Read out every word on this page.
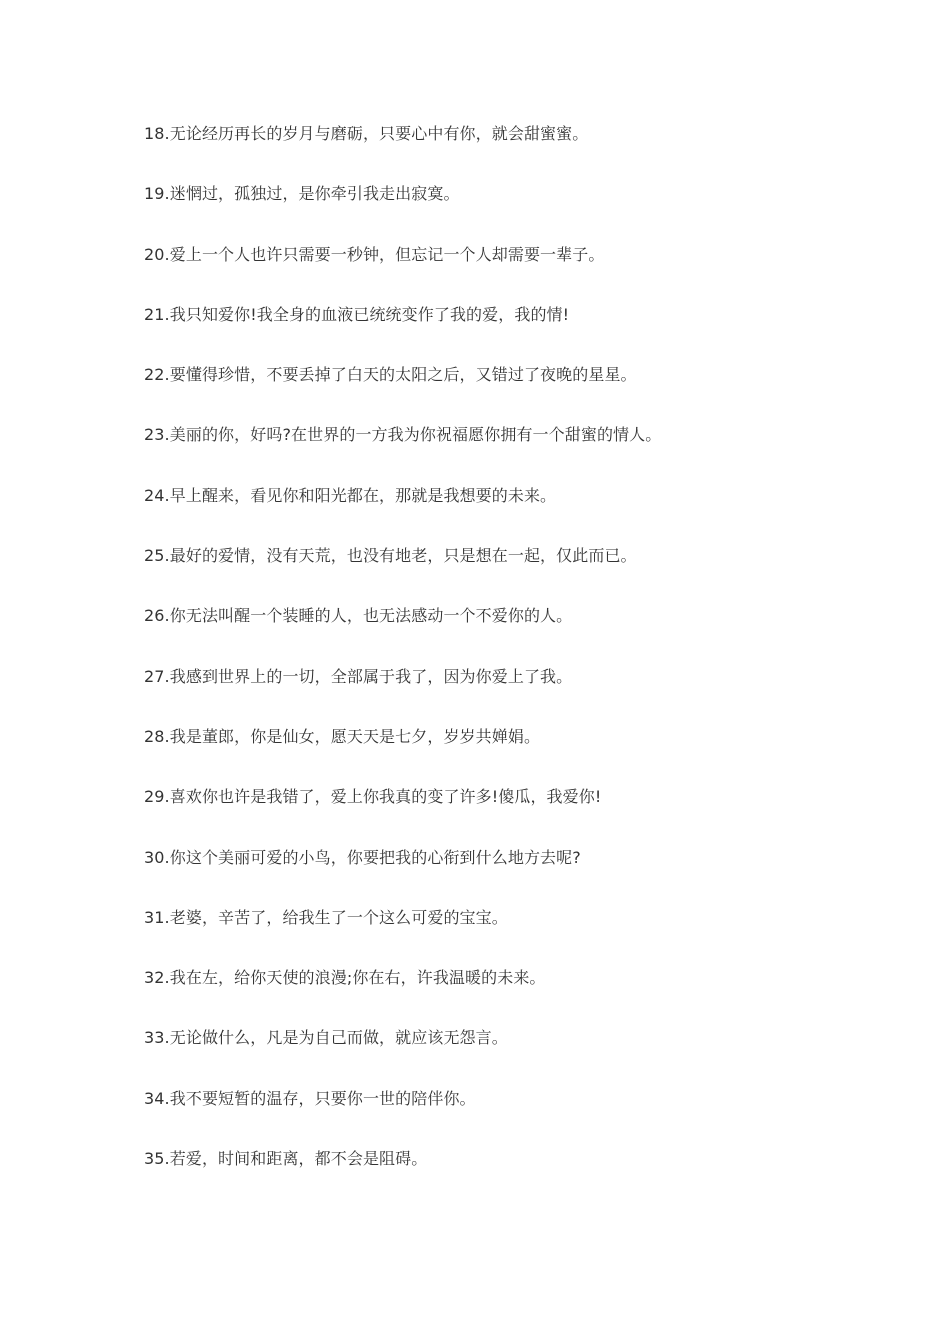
18.无论经历再长的岁月与磨砺，只要心中有你，就会甜蜜蜜。
19.迷惘过，孤独过，是你牵引我走出寂寞。
20.爱上一个人也许只需要一秒钟，但忘记一个人却需要一辈子。
21.我只知爱你!我全身的血液已统统变作了我的爱，我的情!
22.要懂得珍惜，不要丢掉了白天的太阳之后，又错过了夜晚的星星。
23.美丽的你，好吗?在世界的一方我为你祝福愿你拥有一个甜蜜的情人。
24.早上醒来，看见你和阳光都在，那就是我想要的未来。
25.最好的爱情，没有天荒，也没有地老，只是想在一起，仅此而已。
26.你无法叫醒一个装睡的人，也无法感动一个不爱你的人。
27.我感到世界上的一切，全部属于我了，因为你爱上了我。
28.我是董郎，你是仙女，愿天天是七夕，岁岁共婵娟。
29.喜欢你也许是我错了，爱上你我真的变了许多!傻瓜，我爱你!
30.你这个美丽可爱的小鸟，你要把我的心衔到什么地方去呢?
31.老婆，辛苦了，给我生了一个这么可爱的宝宝。
32.我在左，给你天使的浪漫;你在右，许我温暖的未来。
33.无论做什么，凡是为自己而做，就应该无怨言。
34.我不要短暂的温存，只要你一世的陪伴你。
35.若爱，时间和距离，都不会是阻碍。
